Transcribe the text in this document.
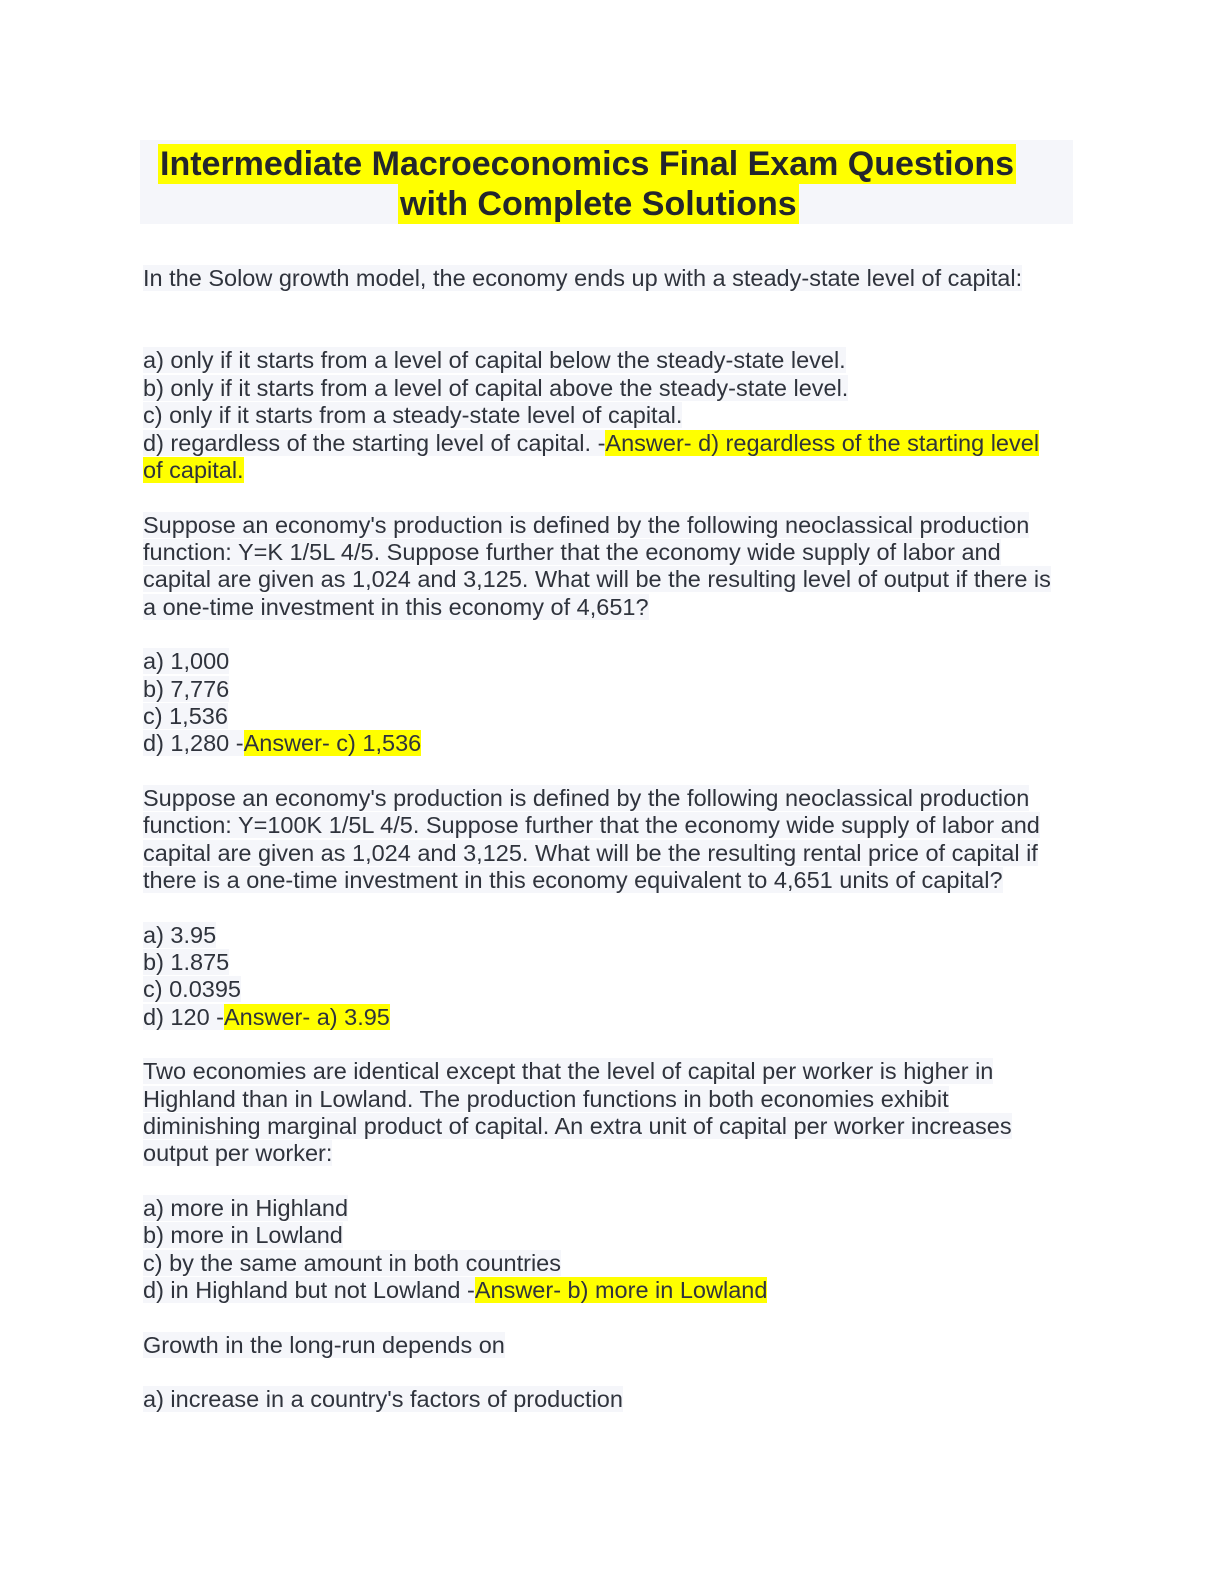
Intermediate Macroeconomics Final Exam Questions
with Complete Solutions
In the Solow growth model, the economy ends up with a steady-state level of capital:
a) only if it starts from a level of capital below the steady-state level.
b) only if it starts from a level of capital above the steady-state level.
c) only if it starts from a steady-state level of capital.
d) regardless of the starting level of capital. -Answer- d) regardless of the starting level
of capital.
Suppose an economy's production is defined by the following neoclassical production
function: Y=K 1/5L 4/5. Suppose further that the economy wide supply of labor and
capital are given as 1,024 and 3,125. What will be the resulting level of output if there is
a one-time investment in this economy of 4,651?
a) 1,000
b) 7,776
c) 1,536
d) 1,280 -Answer- c) 1,536
Suppose an economy's production is defined by the following neoclassical production
function: Y=100K 1/5L 4/5. Suppose further that the economy wide supply of labor and
capital are given as 1,024 and 3,125. What will be the resulting rental price of capital if
there is a one-time investment in this economy equivalent to 4,651 units of capital?
a) 3.95
b) 1.875
c) 0.0395
d) 120 -Answer- a) 3.95
Two economies are identical except that the level of capital per worker is higher in
Highland than in Lowland. The production functions in both economies exhibit
diminishing marginal product of capital. An extra unit of capital per worker increases
output per worker:
a) more in Highland
b) more in Lowland
c) by the same amount in both countries
d) in Highland but not Lowland -Answer- b) more in Lowland
Growth in the long-run depends on
a) increase in a country's factors of production
